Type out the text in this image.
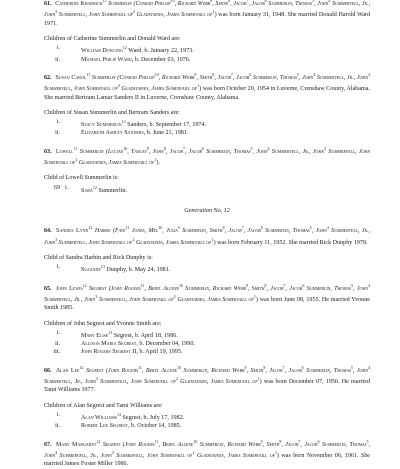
61. Catherine Kendrick$^{11}$ Summerlin (Conrad Phillip$^{10}$, Richard Webb$^9$, Smith$^8$, Jacob$^7$, Jacob$^6$ Summerlin, Thomas$^5$, John$^4$ Summervell, Jr., John$^3$ Summervell, John Somervaill $of^2$ Gladstaines, James Somervaill $of^1$) was born January 31, 1948. She married Donald Harold Ward 1971.

Children of Catherine Summerlin and Donald Ward are:
i.
William Dowling$^{12}$ Ward, b. January 22, 1973.
ii.	Michael Philip Ward, b. December 03, 1976.

62. Susan Carol$^{11}$ Summerlin (Conrad Phillip$^{10}$, Richard Webb$^9$, Smith$^8$, Jacob$^7$, Jacob$^6$ Summerlin, Thomas$^5$, John$^4$ Summervell, Jr., John$^3$ Summervell, John Somervaill $of^2$ Gladstaines, James Somervaill $of^1$) was born October 20, 1954 in Luverne, Crenshaw County, Alabama. She married Bertram Lamar Sanders II in Luverne, Crenshaw County, Alabama.

Children of Susan Summerlin and Bertram Sanders are:
i.
Stacy Summerlin$^{12}$ Sanders, b. September 17, 1974.
ii.	Elizabeth Ashley Sanders, b. June 21, 1981.

63. Lowell$^{11}$ Summerlin (Lucian$^{10}$, Yancey$^9$, John$^8$, Jacob$^7$, Jacob$^6$ Summerlin, Thomas$^5$, John$^4$ Summervell, Jr., John$^3$ Summervell, John Somervaill $of^2$ Gladstaines, James Somervaill $of^1$).

Child of Lowell Summerlin is:
69 i.
Sara$^{12}$ Summerlin.
Generation No. 12

64. Sandra Lynn$^{12}$ Harbin (Faye$^{11}$ Jones, Mel$^{10}$, Julia$^9$ Summerlin, Smith$^8$, Jacob$^7$, Jacob$^6$ Summerlin, Thomas$^5$, John$^4$ Summervell, Jr., John$^3$ Summervell, John Somervaill $of^2$ Gladstaines, James Somervaill $of^1$) was born February 11, 1952. She married Rick Dunphy 1978.

Child of Sandra Harbin and Rick Dunphy is:
i.
Suzanne$^{13}$ Dunphy, b. May 24, 1981.

65. John Lewis$^{12}$ Segrest (John Rogers$^{11}$, Beryl Allene$^{10}$ Summerlin, Richard Webb$^9$, Smith$^8$, Jacob$^7$, Jacob$^6$ Summerlin, Thomas$^5$, John$^4$ Summervell, Jr., John$^3$ Summervell, John Somervaill $of^2$ Gladstaines, James Somervaill $of^1$) was born June 08, 1955. He married Yvonne Smith 1985.

Children of John Segrest and Yvonne Smith are:
i.
Mary Elise$^{13}$ Segrest, b. April 18, 1986.
ii.	Allison Maria Segrest, b. December 04, 1990.
iii.	John Rogers Segrest II, b. April 19, 1995.

66. Alan Lee$^{12}$ Segrest (John Rogers$^{11}$, Beryl Allene$^{10}$ Summerlin, Richard Webb$^9$, Smith$^8$, Jacob$^7$, Jacob$^6$ Summerlin, Thomas$^5$, John$^4$ Summervell, Jr., John$^3$ Summervell, John Somervaill $of^2$ Gladstaines, James Somervaill $of^1$) was born December 07, 1956. He married Tami Williams 1977.

Children of Alan Segrest and Tami Williams are:
i.
Alan Williams$^{13}$ Segrest, b. July 17, 1982.
ii.	Robert Lee Segrest, b. October 14, 1985.

67. Mary Margaret$^{12}$ Segrest (John Rogers$^{11}$, Beryl Allene$^{10}$ Summerlin, Richard Webb$^9$, Smith$^8$, Jacob$^7$, Jacob$^6$ Summerlin, Thomas$^5$, John$^4$ Summervell, Jr., John$^3$ Summervell, John Somervaill $of^2$ Gladstaines, James Somervaill $of^1$) was born November 06, 1961. She married James Foster Miller 1986.
